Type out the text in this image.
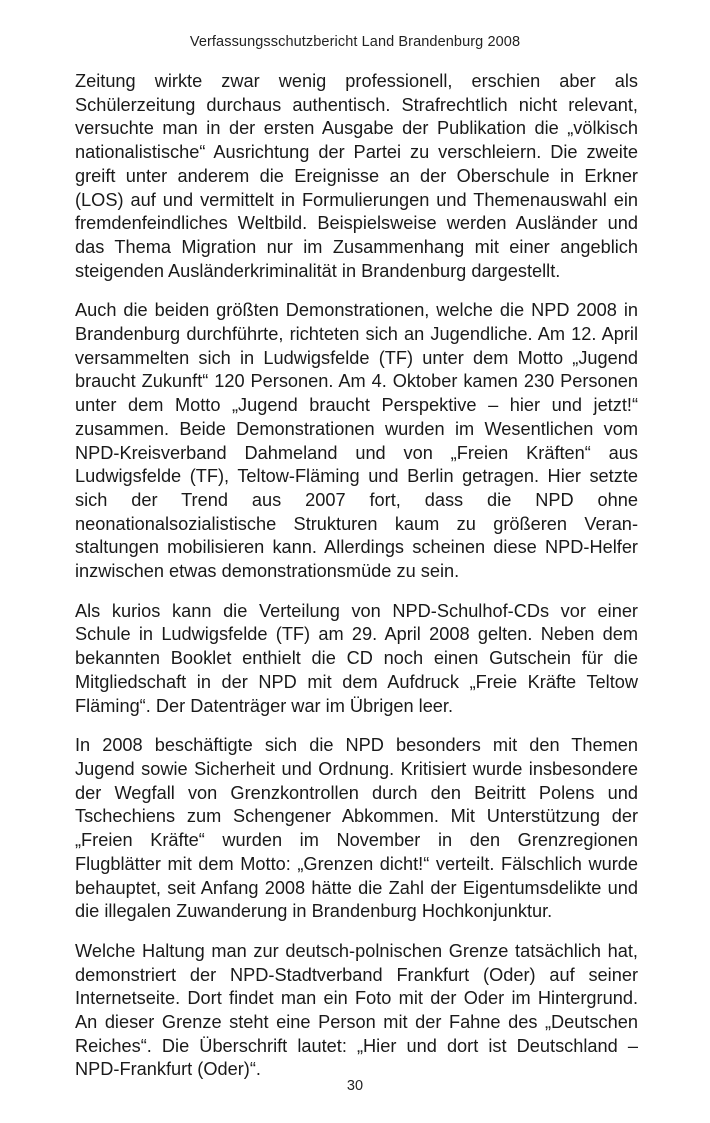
Verfassungsschutzbericht Land Brandenburg 2008

Zeitung wirkte zwar wenig professionell, erschien aber als Schülerzeitung durchaus authentisch. Strafrechtlich nicht relevant, versuchte man in der ersten Ausgabe der Publikation die „völkisch nationalistische“ Ausrichtung der Partei zu verschleiern. Die zweite greift unter anderem die Ereignisse an der Oberschule in Erkner (LOS) auf und vermittelt in Formulierungen und Themenauswahl ein fremdenfeindliches Weltbild. Beispielsweise werden Ausländer und das Thema Migration nur im Zusammenhang mit einer angeblich steigenden Ausländerkriminalität in Brandenburg dargestellt.

Auch die beiden größten Demonstrationen, welche die NPD 2008 in Brandenburg durchführte, richteten sich an Jugendliche. Am 12. April versammelten sich in Ludwigsfelde (TF) unter dem Motto „Jugend braucht Zukunft“ 120 Personen. Am 4. Oktober kamen 230 Personen unter dem Motto „Jugend braucht Perspektive – hier und jetzt!“ zusammen. Beide Demonstrationen wurden im Wesentlichen vom NPD-Kreisverband Dahmeland und von „Freien Kräften“ aus Ludwigsfelde (TF), Teltow-Fläming und Berlin getragen. Hier setzte sich der Trend aus 2007 fort, dass die NPD ohne neonationalsozialistische Strukturen kaum zu größeren Veranstaltungen mobilisieren kann. Allerdings scheinen diese NPD-Helfer inzwischen etwas demonstrationsmüde zu sein.

Als kurios kann die Verteilung von NPD-Schulhof-CDs vor einer Schule in Ludwigsfelde (TF) am 29. April 2008 gelten. Neben dem bekannten Booklet enthielt die CD noch einen Gutschein für die Mitgliedschaft in der NPD mit dem Aufdruck „Freie Kräfte Teltow Fläming“. Der Datenträger war im Übrigen leer.

In 2008 beschäftigte sich die NPD besonders mit den Themen Jugend sowie Sicherheit und Ordnung. Kritisiert wurde insbesondere der Wegfall von Grenzkontrollen durch den Beitritt Polens und Tschechiens zum Schengener Abkommen. Mit Unterstützung der „Freien Kräfte“ wurden im November in den Grenzregionen Flugblätter mit dem Motto: „Grenzen dicht!“ verteilt. Fälschlich wurde behauptet, seit Anfang 2008 hätte die Zahl der Eigentumsdelikte und die illegalen Zuwanderung in Brandenburg Hochkonjunktur.

Welche Haltung man zur deutsch-polnischen Grenze tatsächlich hat, demonstriert der NPD-Stadtverband Frankfurt (Oder) auf seiner Internetseite. Dort findet man ein Foto mit der Oder im Hintergrund. An dieser Grenze steht eine Person mit der Fahne des „Deutschen Reiches“. Die Überschrift lautet: „Hier und dort ist Deutschland – NPD-Frankfurt (Oder)“.

30
